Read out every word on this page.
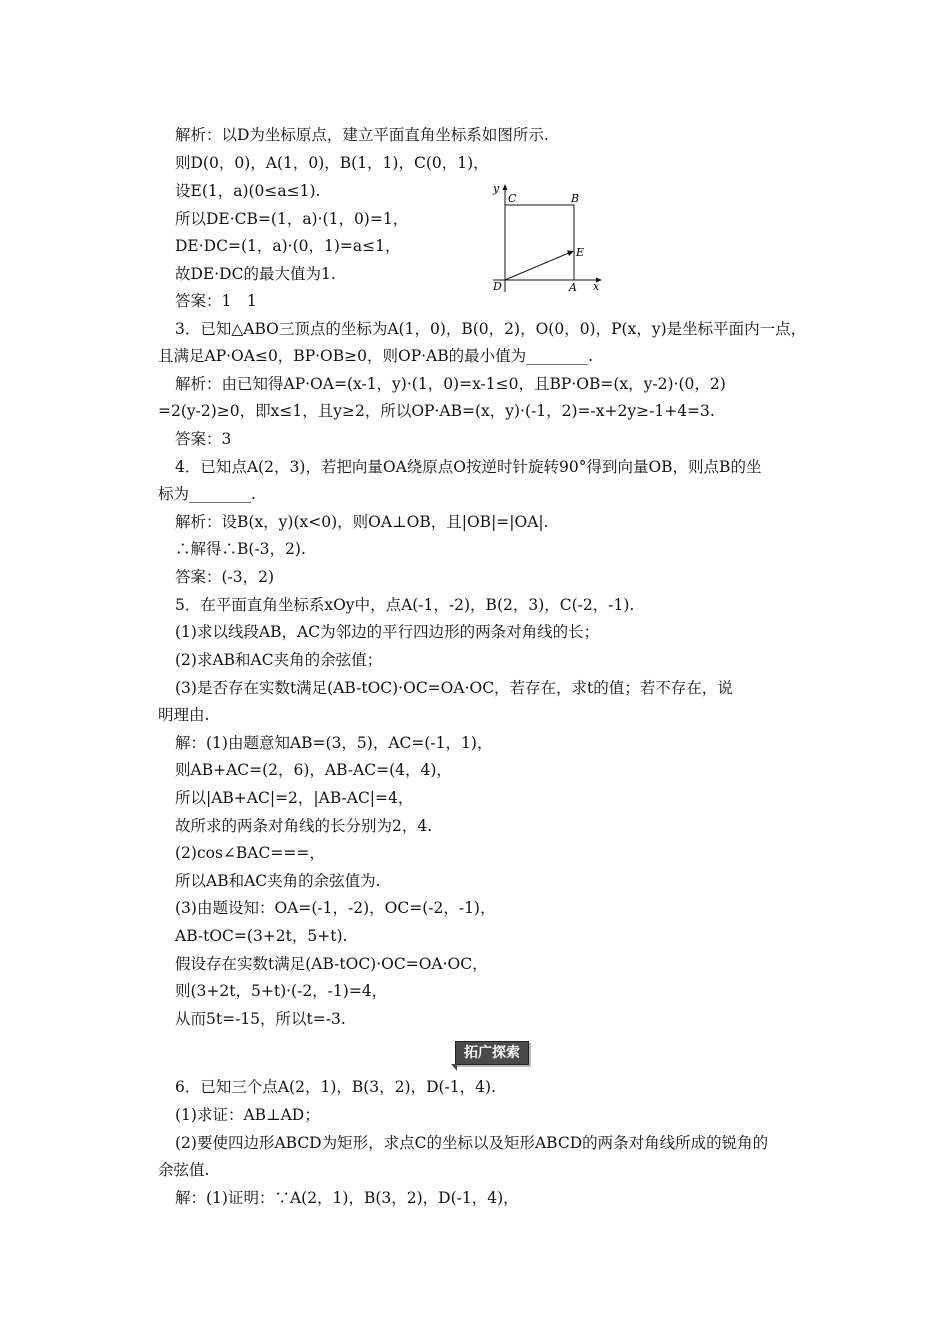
解析：以D为坐标原点，建立平面直角坐标系如图所示.
则D(0，0)，A(1，0)，B(1，1)，C(0，1)，
设E(1，a)(0≤a≤1).
所以DE·CB=(1，a)·(1，0)=1，
DE·DC=(1，a)·(0，1)=a≤1，
故DE·DC的最大值为1.
答案：1　1
y
C	B
E
D	A x
3．已知△ABO三顶点的坐标为A(1，0)，B(0，2)，O(0，0)，P(x，y)是坐标平面内一点，
且满足AP·OA≤0，BP·OB≥0，则OP·AB的最小值为________.
解析：由已知得AP·OA=(x-1，y)·(1，0)=x-1≤0，且BP·OB=(x，y-2)·(0，2)
=2(y-2)≥0，即x≤1，且y≥2，所以OP·AB=(x，y)·(-1，2)=-x+2y≥-1+4=3.
答案：3
4．已知点A(2，3)，若把向量OA绕原点O按逆时针旋转90°得到向量OB，则点B的坐
标为________.
解析：设B(x，y)(x<0)，则OA⊥OB，且|OB|=|OA|.
∴解得∴B(-3，2).
答案：(-3，2)
5．在平面直角坐标系xOy中，点A(-1，-2)，B(2，3)，C(-2，-1).
(1)求以线段AB，AC为邻边的平行四边形的两条对角线的长；
(2)求AB和AC夹角的余弦值；
(3)是否存在实数t满足(AB-tOC)·OC=OA·OC，若存在，求t的值；若不存在，说
明理由.
解：(1)由题意知AB=(3，5)，AC=(-1，1)，
则AB+AC=(2，6)，AB-AC=(4，4)，
所以|AB+AC|=2，|AB-AC|=4，
故所求的两条对角线的长分别为2，4.
(2)cos∠BAC===，
所以AB和AC夹角的余弦值为.
(3)由题设知：OA=(-1，-2)，OC=(-2，-1)，
AB-tOC=(3+2t，5+t).
假设存在实数t满足(AB-tOC)·OC=OA·OC，
则(3+2t，5+t)·(-2，-1)=4，
从而5t=-15，所以t=-3.
拓广探索
6．已知三个点A(2，1)，B(3，2)，D(-1，4).
(1)求证：AB⊥AD；
(2)要使四边形ABCD为矩形，求点C的坐标以及矩形ABCD的两条对角线所成的锐角的
余弦值.
解：(1)证明：∵A(2，1)，B(3，2)，D(-1，4)，
